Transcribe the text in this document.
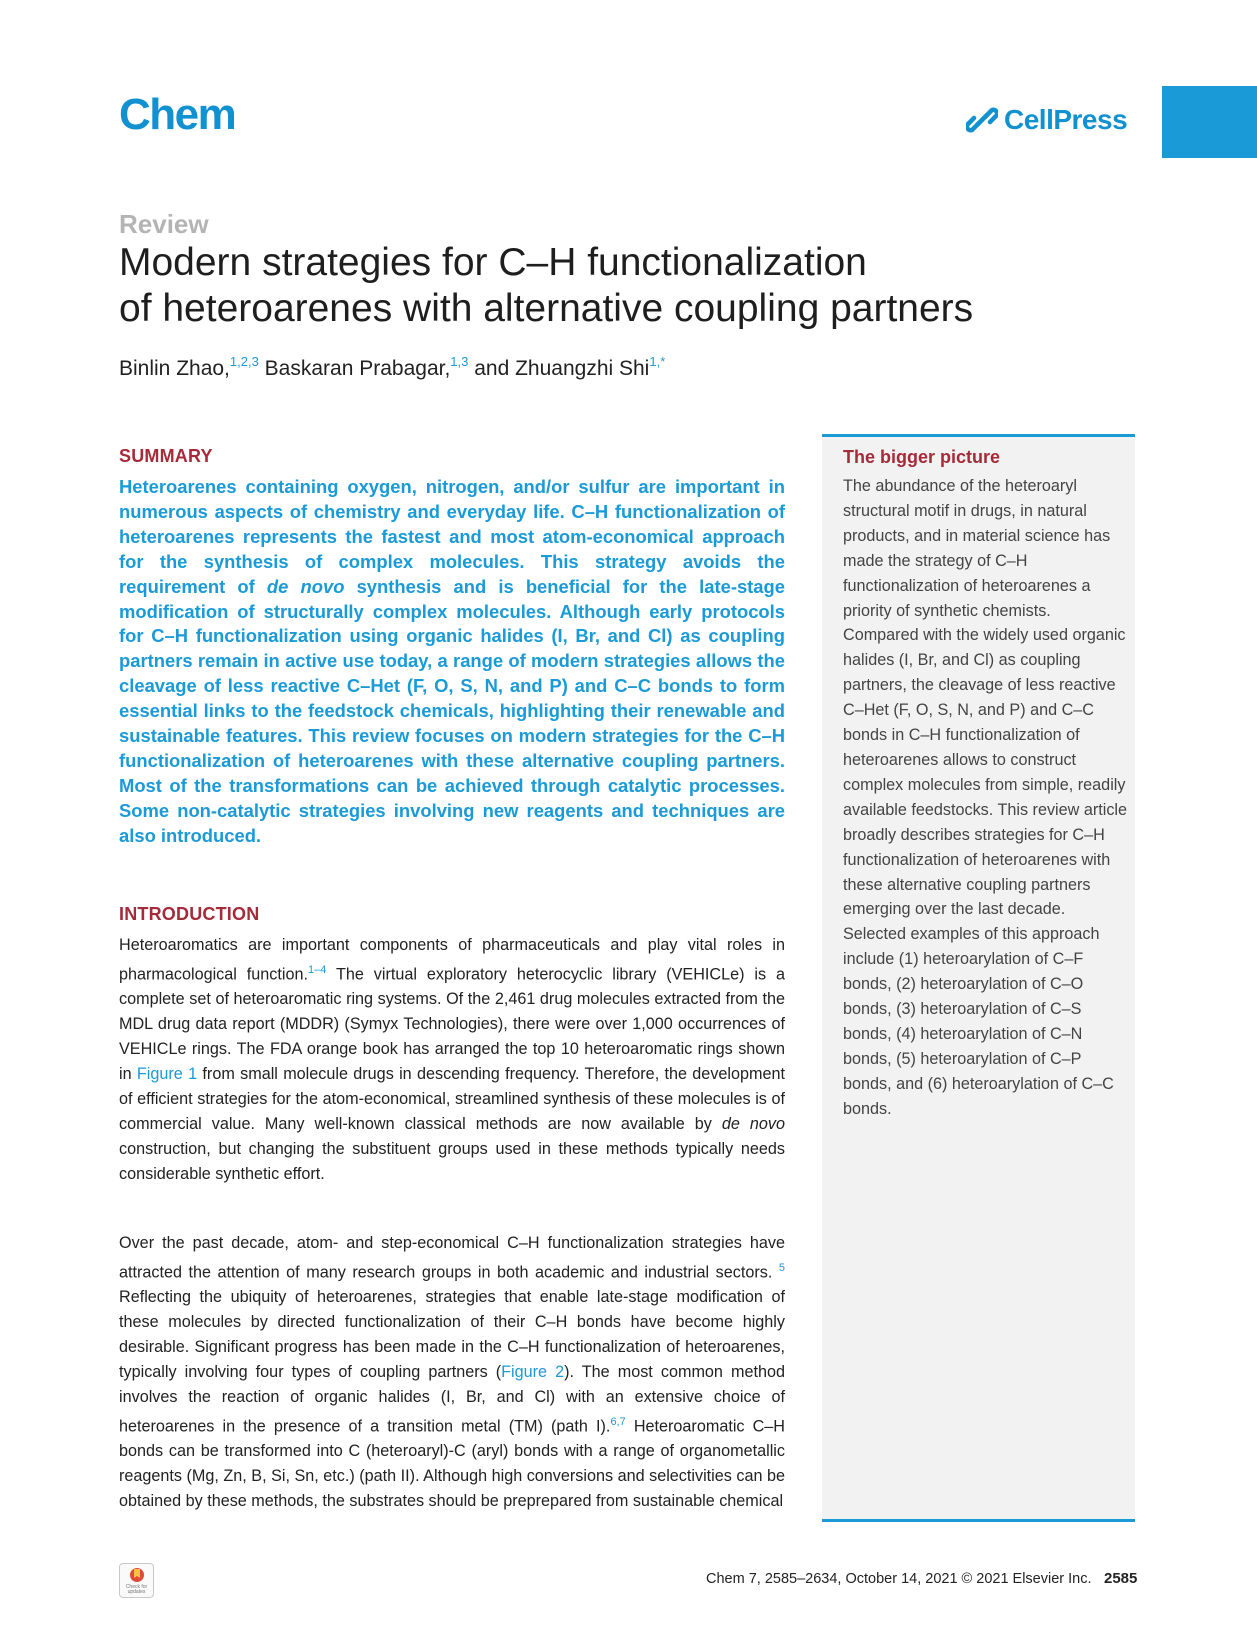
Chem	CellPress
Review
Modern strategies for C–H functionalization
of heteroarenes with alternative coupling partners
Binlin Zhao,$^{1,2,3}$ Baskaran Prabagar,$^{1,3}$ and Zhuangzhi Shi$^{1,*}$
SUMMARY
Heteroarenes containing oxygen, nitrogen, and/or sulfur are important in numerous aspects of chemistry and everyday life. C–H functionalization of heteroarenes represents the fastest and most atom-economical approach for the synthesis of complex molecules. This strategy avoids the requirement of de novo synthesis and is beneficial for the late-stage modification of structurally complex molecules. Although early protocols for C–H functionalization using organic halides (I, Br, and Cl) as coupling partners remain in active use today, a range of modern strategies allows the cleavage of less reactive C–Het (F, O, S, N, and P) and C–C bonds to form essential links to the feedstock chemicals, highlighting their renewable and sustainable features. This review focuses on modern strategies for the C–H functionalization of heteroarenes with these alternative coupling partners. Most of the transformations can be achieved through catalytic processes. Some non-catalytic strategies involving new reagents and techniques are also introduced.
INTRODUCTION
Heteroaromatics are important components of pharmaceuticals and play vital roles in pharmacological function.$^{1-4}$ The virtual exploratory heterocyclic library (VEHICLe) is a complete set of heteroaromatic ring systems. Of the 2,461 drug molecules extracted from the MDL drug data report (MDDR) (Symyx Technologies), there were over 1,000 occurrences of VEHICLe rings. The FDA orange book has arranged the top 10 heteroaromatic rings shown in Figure 1 from small molecule drugs in descending frequency. Therefore, the development of efficient strategies for the atom-economical, streamlined synthesis of these molecules is of commercial value. Many well-known classical methods are now available by de novo construction, but changing the substituent groups used in these methods typically needs considerable synthetic effort.
Over the past decade, atom- and step-economical C–H functionalization strategies have attracted the attention of many research groups in both academic and industrial sectors. $^5$ Reflecting the ubiquity of heteroarenes, strategies that enable late-stage modification of these molecules by directed functionalization of their C–H bonds have become highly desirable. Significant progress has been made in the C–H functionalization of heteroarenes, typically involving four types of coupling partners (Figure 2). The most common method involves the reaction of organic halides (I, Br, and Cl) with an extensive choice of heteroarenes in the presence of a transition metal (TM) (path I).$^{6,7}$ Heteroaromatic C–H bonds can be transformed into C (heteroaryl)-C (aryl) bonds with a range of organometallic reagents (Mg, Zn, B, Si, Sn, etc.) (path II). Although high conversions and selectivities can be obtained by these methods, the substrates should be preprepared from sustainable chemical
The bigger picture
The abundance of the heteroaryl structural motif in drugs, in natural products, and in material science has made the strategy of C–H functionalization of heteroarenes a priority of synthetic chemists. Compared with the widely used organic halides (I, Br, and Cl) as coupling partners, the cleavage of less reactive C–Het (F, O, S, N, and P) and C–C bonds in C–H functionalization of heteroarenes allows to construct complex molecules from simple, readily available feedstocks. This review article broadly describes strategies for C–H functionalization of heteroarenes with these alternative coupling partners emerging over the last decade. Selected examples of this approach include (1) heteroarylation of C–F bonds, (2) heteroarylation of C–O bonds, (3) heteroarylation of C–S bonds, (4) heteroarylation of C–N bonds, (5) heteroarylation of C–P bonds, and (6) heteroarylation of C–C bonds.
Check for updates
Chem 7, 2585–2634, October 14, 2021 © 2021 Elsevier Inc. 2585
